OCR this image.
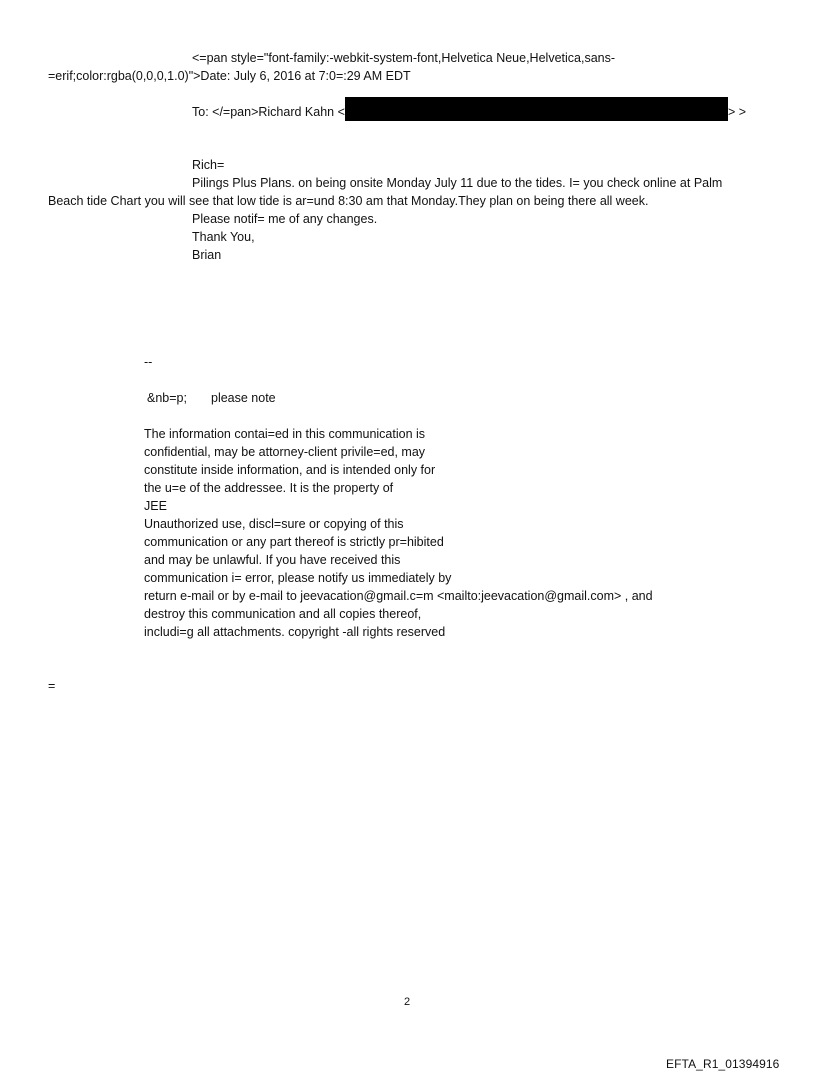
<=pan style="font-family:-webkit-system-font,Helvetica Neue,Helvetica,sans-
=erif;color:rgba(0,0,0,1.0)">Date: July 6, 2016 at 7:0=:29 AM EDT
To: </=pan>Richard Kahn <	> >
Rich=
Pilings Plus Plans. on being onsite Monday July 11 due to the tides. I= you check online at Palm
Beach tide Chart you will see that low tide is ar=und 8:30 am that Monday.They plan on being there all week.
Please notif= me of any changes.
Thank You,
Brian
--
&nb=p; please note
The information contai=ed in this communication is
confidential, may be attorney-client privile=ed, may
constitute inside information, and is intended only for
the u=e of the addressee. It is the property of
JEE
Unauthorized use, discl=sure or copying of this
communication or any part thereof is strictly pr=hibited
and may be unlawful. If you have received this
communication i= error, please notify us immediately by
return e-mail or by e-mail to jeevacation@gmail.c=m <mailto:jeevacation@gmail.com> , and
destroy this communication and all copies thereof,
includi=g all attachments. copyright -all rights reserved
=
2
EFTA_R1_01394916
